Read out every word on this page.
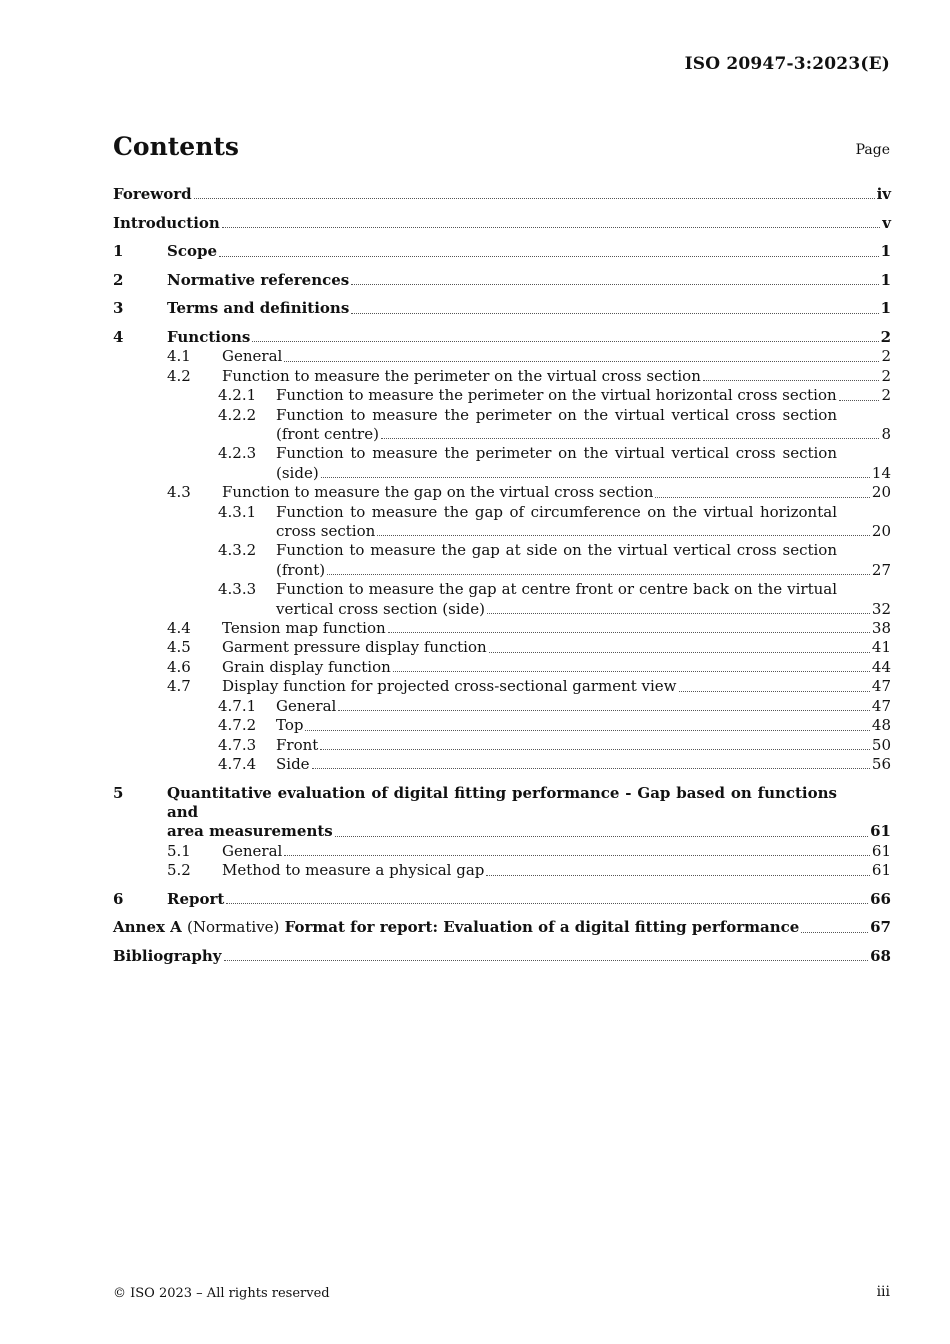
ISO 20947-3:2023(E)
Contents	Page
Foreword	iv
Introduction	v
1	Scope	1
2	Normative references	1
3	Terms and definitions	1
4	Functions	2
4.1 General	2
4.2 Function to measure the perimeter on the virtual cross section	2
4.2.1 Function to measure the perimeter on the virtual horizontal cross section	2
4.2.2 Function to measure the perimeter on the virtual vertical cross section
(front centre)	8
4.2.3 Function to measure the perimeter on the virtual vertical cross section
(side)	14
4.3 Function to measure the gap on the virtual cross section	20
4.3.1 Function to measure the gap of circumference on the virtual horizontal
cross section	20
4.3.2 Function to measure the gap at side on the virtual vertical cross section
(front)	27
4.3.3 Function to measure the gap at centre front or centre back on the virtual
vertical cross section (side)	32
4.4 Tension map function	38
4.5 Garment pressure display function	41
4.6 Grain display function	44
4.7 Display function for projected cross-sectional garment view	47
4.7.1 General	47
4.7.2 Top	48
4.7.3 Front	50
4.7.4 Side	56
5	Quantitative evaluation of digital fitting performance - Gap based on functions and
area measurements	61
5.1 General	61
5.2 Method to measure a physical gap	61
6	Report	66
Annex A (Normative) Format for report: Evaluation of a digital fitting performance	67
Bibliography	68
© ISO 2023 – All rights reserved	iii
